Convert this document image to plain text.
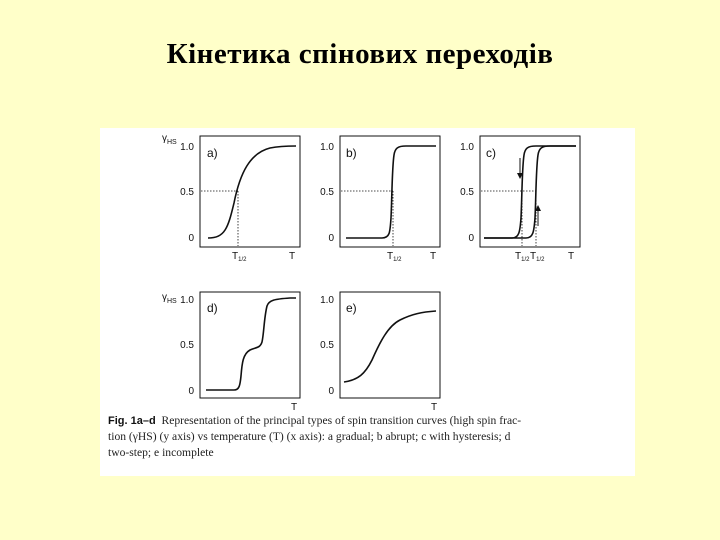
Кінетика спінових переходів
$\gamma_{HS}$
a)
1.0
0.5
0
$T_{1/2}$	T
b)
1.0
0.5
0
$T_{1/2}$	T
c)
1.0
0.5
0
$T_{1/2}$ $T_{1/2}$ T
$\gamma_{HS}$	d)
1.0
0.5
0
T
e)
1.0
0.5
0
T
Fig. 1a–d Representation of the principal types of spin transition curves (high spin frac-
tion (γHS) (y axis) vs temperature (T) (x axis): a gradual; b abrupt; c with hysteresis; d
two-step; e incomplete
